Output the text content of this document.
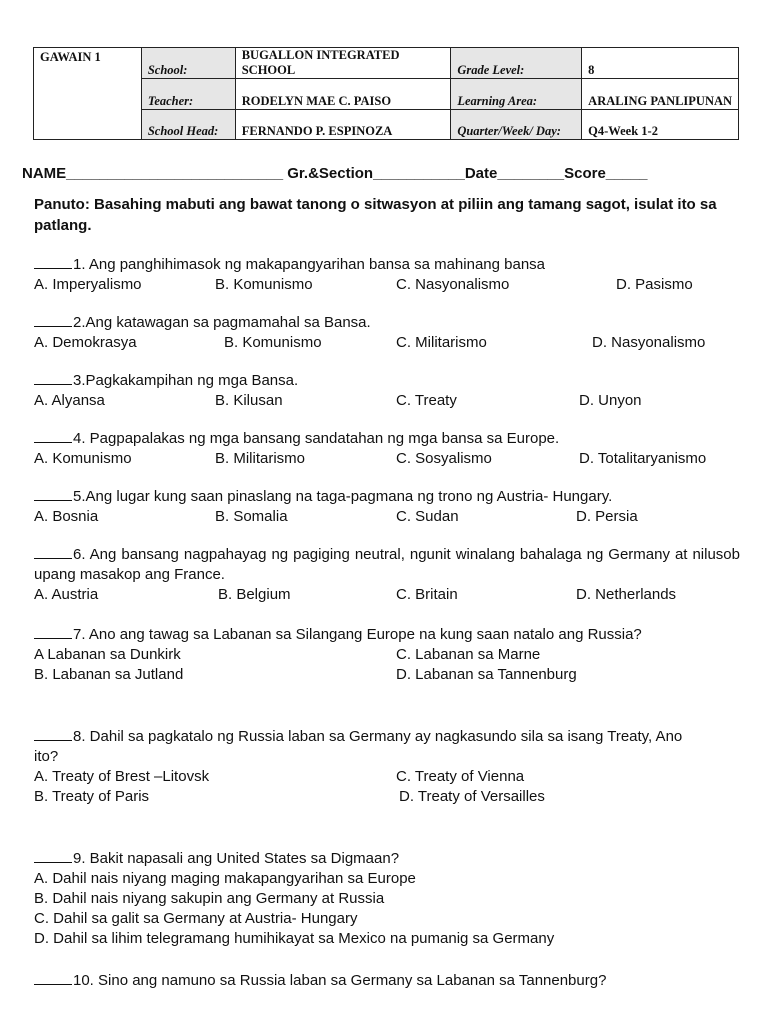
GAWAIN 1	School:	BUGALLON INTEGRATED SCHOOL	Grade Level:	8
	Teacher:	RODELYN MAE C. PAISO	Learning Area:	ARALING PANLIPUNAN
	School Head:	FERNANDO P. ESPINOZA	Quarter/Week/ Day:	Q4-Week 1-2
NAME__________________________ Gr.&Section___________Date________Score_____
Panuto: Basahing mabuti ang bawat tanong o sitwasyon at piliin ang tamang sagot, isulat ito sa patlang.
1. Ang panghihimasok ng makapangyarihan bansa sa mahinang bansa
A. Imperyalismo	B. Komunismo	C. Nasyonalismo	D. Pasismo
2.Ang katawagan sa pagmamahal sa Bansa.
A. Demokrasya	B. Komunismo	C. Militarismo	D. Nasyonalismo
3.Pagkakampihan ng mga Bansa.
A. Alyansa	B. Kilusan	C. Treaty	D. Unyon
4. Pagpapalakas ng mga bansang sandatahan ng mga bansa sa Europe.
A. Komunismo	B. Militarismo	C. Sosyalismo	D. Totalitaryanismo
5.Ang lugar kung saan pinaslang na taga-pagmana ng trono ng Austria- Hungary.
A. Bosnia	B. Somalia	C. Sudan	D. Persia
6. Ang bansang nagpahayag ng pagiging neutral, ngunit winalang bahalaga ng Germany at nilusob upang masakop ang France.
A. Austria	B. Belgium	C. Britain	D. Netherlands
7. Ano ang tawag sa Labanan sa Silangang Europe na kung saan natalo ang Russia?
A Labanan sa Dunkirk	C. Labanan sa Marne
B. Labanan sa Jutland	D. Labanan sa Tannenburg
8. Dahil sa pagkatalo ng Russia laban sa Germany ay nagkasundo sila sa isang Treaty, Ano
ito?
A. Treaty of Brest –Litovsk	C. Treaty of Vienna
B. Treaty of Paris	D. Treaty of Versailles
9. Bakit napasali ang United States sa Digmaan?
A. Dahil nais niyang maging makapangyarihan sa Europe
B. Dahil nais niyang sakupin ang Germany at Russia
C. Dahil sa galit sa Germany at Austria- Hungary
D. Dahil sa lihim telegramang humihikayat sa Mexico na pumanig sa Germany
10. Sino ang namuno sa Russia laban sa Germany sa Labanan sa Tannenburg?
